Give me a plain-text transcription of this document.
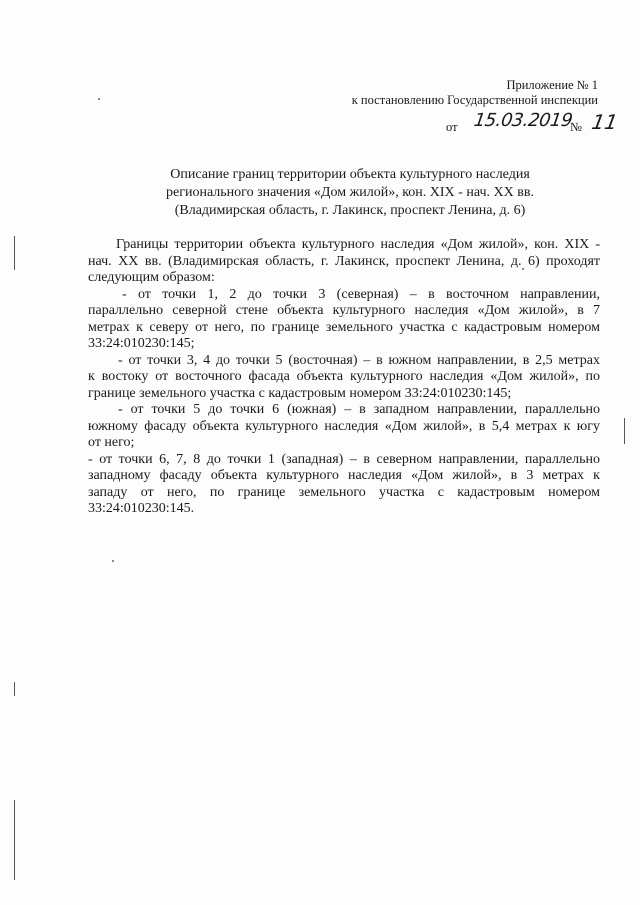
Приложение № 1
к постановлению Государственной инспекции
от 15.03.2019
№ 11
Описание границ территории объекта культурного наследия
регионального значения «Дом жилой», кон. XIX - нач. XX вв.
(Владимирская область, г. Лакинск, проспект Ленина, д. 6)

Границы территории объекта культурного наследия «Дом жилой», кон. XIX -

нач. XX вв. (Владимирская область, г. Лакинск, проспект Ленина, д. 6) проходят
следующим образом:

- от точки 1, 2 до точки 3 (северная) – в восточном направлении,

параллельно северной стене объекта культурного наследия «Дом жилой», в 7
метрах к северу от него, по границе земельного участка с кадастровым номером
33:24:010230:145;

- от точки 3, 4 до точки 5 (восточная) – в южном направлении, в 2,5 метрах

к востоку от восточного фасада объекта культурного наследия «Дом жилой», по
границе земельного участка с кадастровым номером 33:24:010230:145;

- от точки 5 до точки 6 (южная) – в западном направлении, параллельно

южному фасаду объекта культурного наследия «Дом жилой», в 5,4 метрах к югу
от него;

- от точки 6, 7, 8 до точки 1 (западная) – в северном направлении, параллельно
западному фасаду объекта культурного наследия «Дом жилой», в 3 метрах к
западу от него, по границе земельного участка с кадастровым номером
33:24:010230:145.
